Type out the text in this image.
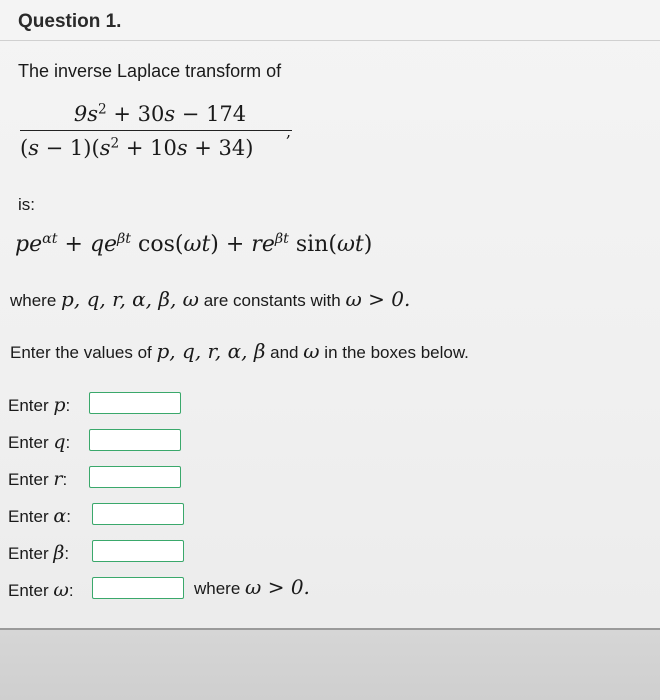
Question 1.
The inverse Laplace transform of
$9s^2 + 30s - 174$
$(s - 1)(s^2 + 10s + 34)$
,
is:
$pe^{\alpha t} + qe^{\beta t}$ $\cos(\omega t) + re^{\beta t}$ sin(ωt)
where p, q, r, α, β, ω are constants with ω > 0.
Enter the values of p, q, r, α, β and ω in the boxes below.
Enter p:
Enter q:
Enter r:
Enter α:
Enter β:
Enter ω:	where ω > 0.
